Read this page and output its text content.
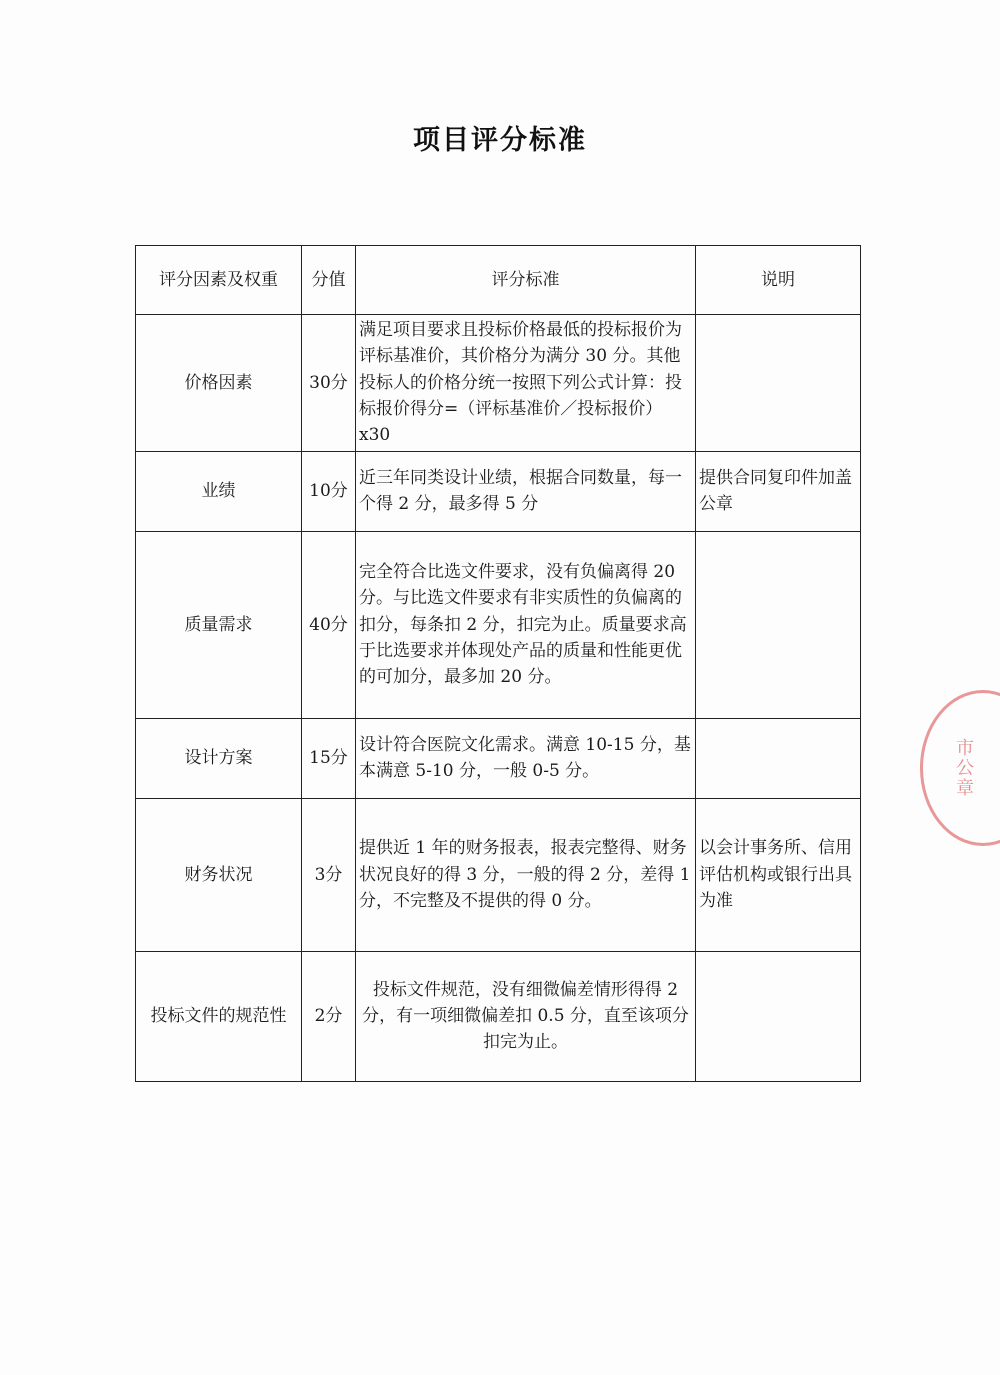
项目评分标准
评分因素及权重	分值	评分标准	说明
价格因素	30分	满足项目要求且投标价格最低的投标报价为评标基准价，其价格分为满分 30 分。其他投标人的价格分统一按照下列公式计算：投标报价得分=（评标基准价／投标报价）x30	
业绩	10分	近三年同类设计业绩，根据合同数量，每一个得 2 分，最多得 5 分	提供合同复印件加盖公章
质量需求	40分	完全符合比选文件要求，没有负偏离得 20 分。与比选文件要求有非实质性的负偏离的扣分，每条扣 2 分，扣完为止。质量要求高于比选要求并体现处产品的质量和性能更优的可加分，最多加 20 分。	
设计方案	15分	设计符合医院文化需求。满意 10-15 分，基本满意 5-10 分，一般 0-5 分。	
财务状况	3分	提供近 1 年的财务报表，报表完整得、财务状况良好的得 3 分，一般的得 2 分，差得 1 分，不完整及不提供的得 0 分。	以会计事务所、信用评估机构或银行出具为准
投标文件的规范性	2分	投标文件规范，没有细微偏差情形得得 2 分，有一项细微偏差扣 0.5 分，直至该项分扣完为止。	
市公章
